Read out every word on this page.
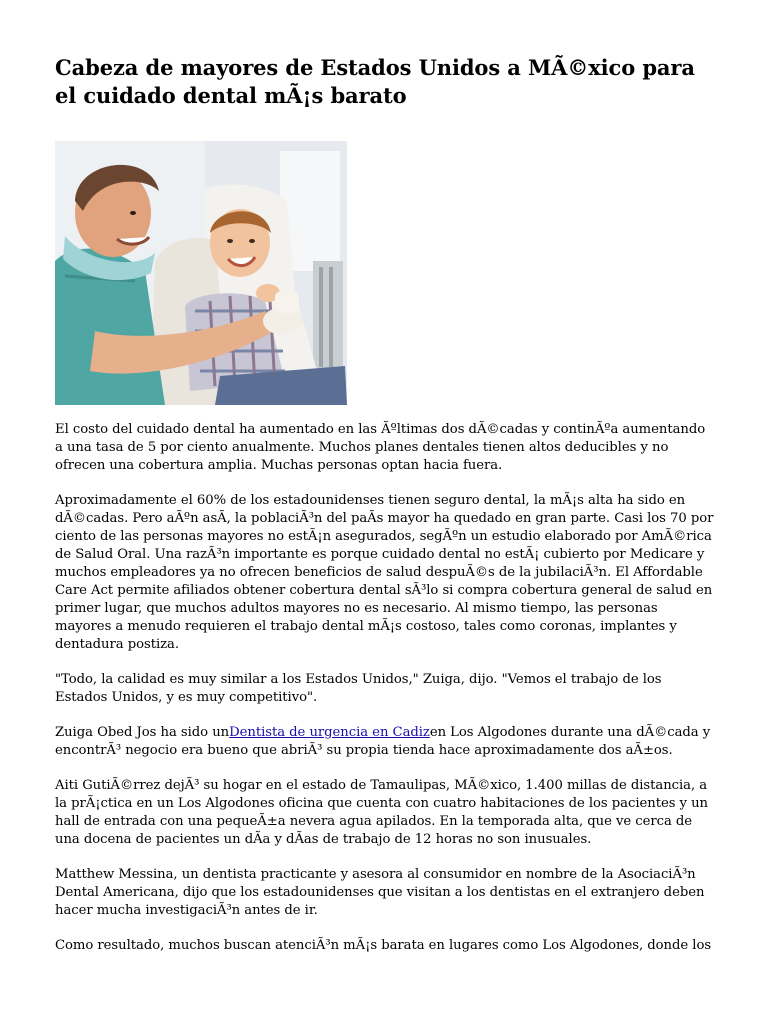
Cabeza de mayores de Estados Unidos a MÃ©xico para el cuidado dental mÃ¡s barato

El costo del cuidado dental ha aumentado en las Ãºltimas dos dÃ©cadas y continÃºa aumentando a una tasa de 5 por ciento anualmente. Muchos planes dentales tienen altos deducibles y no ofrecen una cobertura amplia. Muchas personas optan hacia fuera.

Aproximadamente el 60% de los estadounidenses tienen seguro dental, la mÃ¡s alta ha sido en dÃ©cadas. Pero aÃºn asÃ, la poblaciÃ³n del paÃs mayor ha quedado en gran parte. Casi los 70 por ciento de las personas mayores no estÃ¡n asegurados, segÃºn un estudio elaborado por AmÃ©rica de Salud Oral. Una razÃ³n importante es porque cuidado dental no estÃ¡ cubierto por Medicare y muchos empleadores ya no ofrecen beneficios de salud despuÃ©s de la jubilaciÃ³n. El Affordable Care Act permite afiliados obtener cobertura dental sÃ³lo si compra cobertura general de salud en primer lugar, que muchos adultos mayores no es necesario. Al mismo tiempo, las personas mayores a menudo requieren el trabajo dental mÃ¡s costoso, tales como coronas, implantes y dentadura postiza.

"Todo, la calidad es muy similar a los Estados Unidos," Zuiga, dijo. "Vemos el trabajo de los Estados Unidos, y es muy competitivo".

Zuiga Obed Jos ha sido unDentista de urgencia en Cadizen Los Algodones durante una dÃ©cada y encontrÃ³ negocio era bueno que abriÃ³ su propia tienda hace aproximadamente dos aÃ±os.

Aiti GutiÃ©rrez dejÃ³ su hogar en el estado de Tamaulipas, MÃ©xico, 1.400 millas de distancia, a la prÃ¡ctica en un Los Algodones oficina que cuenta con cuatro habitaciones de los pacientes y un hall de entrada con una pequeÃ±a nevera agua apilados. En la temporada alta, que ve cerca de una docena de pacientes un dÃa y dÃas de trabajo de 12 horas no son inusuales.

Matthew Messina, un dentista practicante y asesora al consumidor en nombre de la AsociaciÃ³n Dental Americana, dijo que los estadounidenses que visitan a los dentistas en el extranjero deben hacer mucha investigaciÃ³n antes de ir.

Como resultado, muchos buscan atenciÃ³n mÃ¡s barata en lugares como Los Algodones, donde los
